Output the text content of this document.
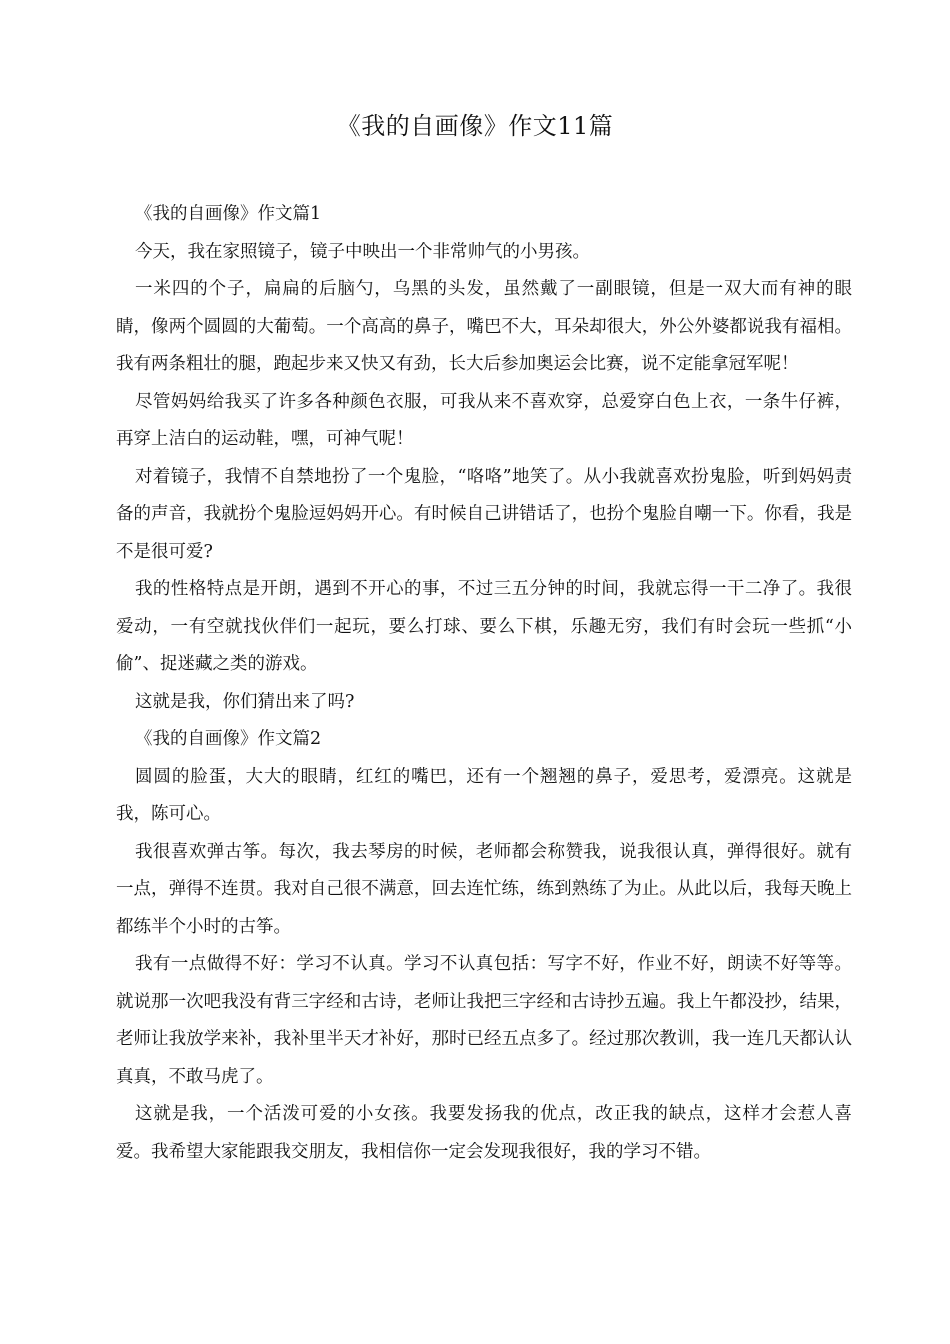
《我的自画像》作文11篇

《我的自画像》作文篇1

今天，我在家照镜子，镜子中映出一个非常帅气的小男孩。

一米四的个子，扁扁的后脑勺，乌黑的头发，虽然戴了一副眼镜，但是一双大而有神的眼睛，像两个圆圆的大葡萄。一个高高的鼻子，嘴巴不大，耳朵却很大，外公外婆都说我有福相。我有两条粗壮的腿，跑起步来又快又有劲，长大后参加奥运会比赛，说不定能拿冠军呢！

尽管妈妈给我买了许多各种颜色衣服，可我从来不喜欢穿，总爱穿白色上衣，一条牛仔裤，再穿上洁白的运动鞋，嘿，可神气呢！

对着镜子，我情不自禁地扮了一个鬼脸，“咯咯”地笑了。从小我就喜欢扮鬼脸，听到妈妈责备的声音，我就扮个鬼脸逗妈妈开心。有时候自己讲错话了，也扮个鬼脸自嘲一下。你看，我是不是很可爱?

我的性格特点是开朗，遇到不开心的事，不过三五分钟的时间，我就忘得一干二净了。我很爱动，一有空就找伙伴们一起玩，要么打球、要么下棋，乐趣无穷，我们有时会玩一些抓“小偷”、捉迷藏之类的游戏。

这就是我，你们猜出来了吗?

《我的自画像》作文篇2

圆圆的脸蛋，大大的眼睛，红红的嘴巴，还有一个翘翘的鼻子，爱思考，爱漂亮。这就是我，陈可心。

我很喜欢弹古筝。每次，我去琴房的时候，老师都会称赞我，说我很认真，弹得很好。就有一点，弹得不连贯。我对自己很不满意，回去连忙练，练到熟练了为止。从此以后，我每天晚上都练半个小时的古筝。

我有一点做得不好：学习不认真。学习不认真包括：写字不好，作业不好，朗读不好等等。就说那一次吧我没有背三字经和古诗，老师让我把三字经和古诗抄五遍。我上午都没抄，结果，老师让我放学来补，我补里半天才补好，那时已经五点多了。经过那次教训，我一连几天都认认真真，不敢马虎了。

这就是我，一个活泼可爱的小女孩。我要发扬我的优点，改正我的缺点，这样才会惹人喜爱。我希望大家能跟我交朋友，我相信你一定会发现我很好，我的学习不错。
